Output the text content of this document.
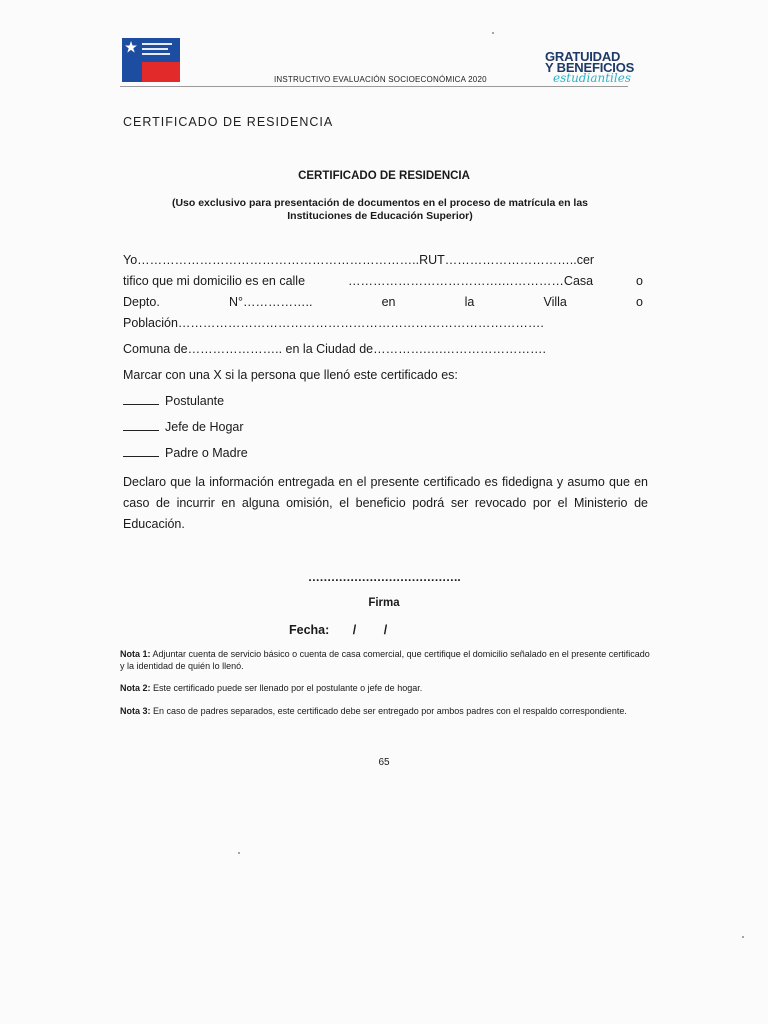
INSTRUCTIVO EVALUACIÓN SOCIOECONÓMICA 2020
GRATUIDAD
Y BENEFICIOS
estudiantiles
CERTIFICADO DE RESIDENCIA
CERTIFICADO DE RESIDENCIA
(Uso exclusivo para presentación de documentos en el proceso de matrícula en las
Instituciones de Educación Superior)
Yo…………………………………………………………..RUT…………………………..cer
tifico que mi domicilio es en calle	……………………………….……………Casa	o
Depto.	N°……………..	en	la	Villa	o
Población…………………………………………………………………………….
Comuna de………………….. en la Ciudad de………….….…………………….
Marcar con una X si la persona que llenó este certificado es:
Postulante
Jefe de Hogar
Padre o Madre
Declaro que la información entregada en el presente certificado es fidedigna y asumo que en caso de incurrir en alguna omisión, el beneficio podrá ser revocado por el Ministerio de Educación.
………………………………….
Firma
Fecha: / /
Nota 1: Adjuntar cuenta de servicio básico o cuenta de casa comercial, que certifique el domicilio señalado en el presente certificado y la identidad de quién lo llenó.
Nota 2: Este certificado puede ser llenado por el postulante o jefe de hogar.
Nota 3: En caso de padres separados, este certificado debe ser entregado por ambos padres con el respaldo correspondiente.
65
